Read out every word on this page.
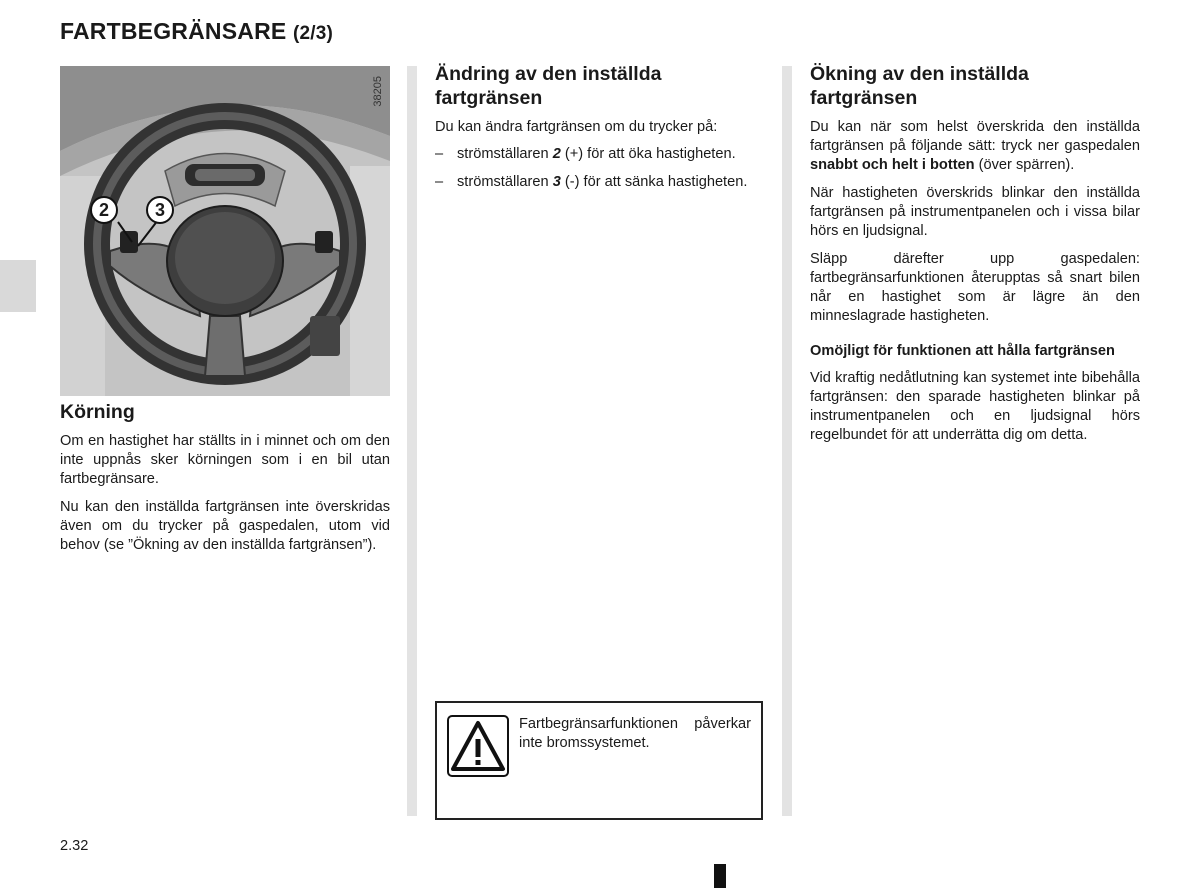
FARTBEGRÄNSARE (2/3)
38205
2	3
Körning

Om en hastighet har ställts in i minnet och om den inte uppnås sker körningen som i en bil utan fartbegränsare.

Nu kan den inställda fartgränsen inte överskridas även om du trycker på gaspedalen, utom vid behov (se ”Ökning av den inställda fartgränsen”).

Ändring av den inställda fartgränsen

Du kan ändra fartgränsen om du trycker på:

– strömställaren 2 (+) för att öka hastigheten.
– strömställaren 3 (-) för att sänka hastigheten.
Fartbegränsarfunktionen påverkar inte bromssystemet.
Ökning av den inställda fartgränsen

Du kan när som helst överskrida den inställda fartgränsen på följande sätt: tryck ner gaspedalen snabbt och helt i botten (över spärren).

När hastigheten överskrids blinkar den inställda fartgränsen på instrumentpanelen och i vissa bilar hörs en ljudsignal.

Släpp därefter upp gaspedalen: fartbegränsarfunktionen återupptas så snart bilen når en hastighet som är lägre än den minneslagrade hastigheten.

Omöjligt för funktionen att hålla fartgränsen

Vid kraftig nedåtlutning kan systemet inte bibehålla fartgränsen: den sparade hastigheten blinkar på instrumentpanelen och en ljudsignal hörs regelbundet för att underrätta dig om detta.

2.32
